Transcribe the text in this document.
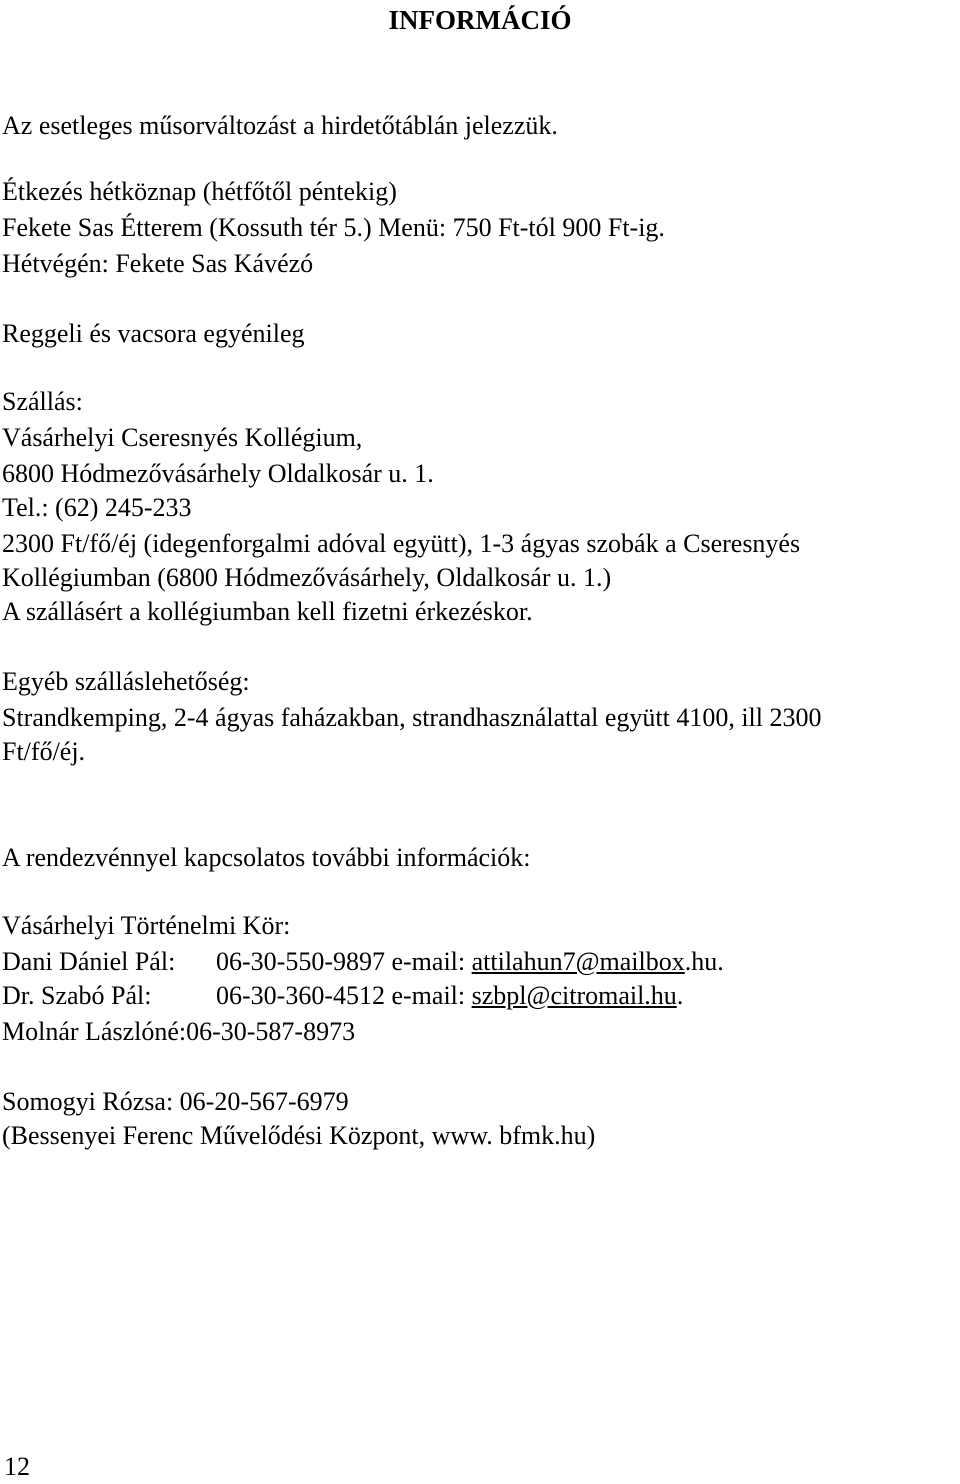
INFORMÁCIÓ

Az esetleges műsorváltozást a hirdetőtáblán jelezzük.

Étkezés hétköznap (hétfőtől péntekig)

Fekete Sas Étterem (Kossuth tér 5.) Menü: 750 Ft-tól 900 Ft-ig.

Hétvégén: Fekete Sas Kávézó

Reggeli és vacsora egyénileg

Szállás:

Vásárhelyi Cseresnyés Kollégium,

6800 Hódmezővásárhely Oldalkosár u. 1.

Tel.: (62) 245-233

2300 Ft/fő/éj (idegenforgalmi adóval együtt), 1-3 ágyas szobák a Cseresnyés

Kollégiumban (6800 Hódmezővásárhely, Oldalkosár u. 1.)

A szállásért a kollégiumban kell fizetni érkezéskor.

Egyéb szálláslehetőség:

Strandkemping, 2-4 ágyas faházakban, strandhasználattal együtt 4100, ill 2300

Ft/fő/éj.

A rendezvénnyel kapcsolatos további információk:

Vásárhelyi Történelmi Kör:

Dani Dániel Pál: 06-30-550-9897 e-mail: attilahun7@mailbox.hu.

Dr. Szabó Pál: 06-30-360-4512 e-mail: szbpl@citromail.hu.

Molnár Lászlóné:06-30-587-8973

Somogyi Rózsa: 06-20-567-6979

(Bessenyei Ferenc Művelődési Központ, www. bfmk.hu)

12
